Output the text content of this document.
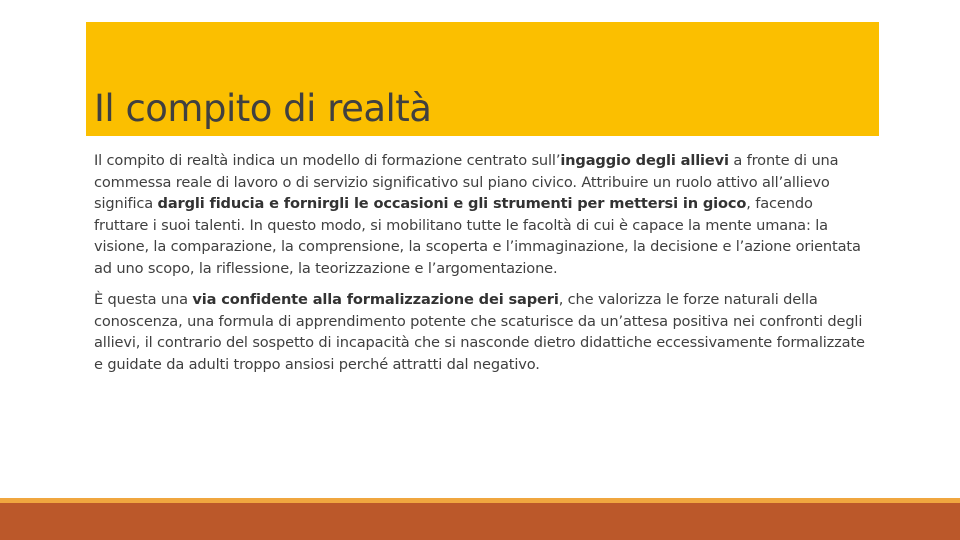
Il compito di realtà

Il compito di realtà indica un modello di formazione centrato sull’ingaggio degli allievi a fronte di una commessa reale di lavoro o di servizio significativo sul piano civico. Attribuire un ruolo attivo all’allievo significa dargli fiducia e fornirgli le occasioni e gli strumenti per mettersi in gioco, facendo fruttare i suoi talenti. In questo modo, si mobilitano tutte le facoltà di cui è capace la mente umana: la visione, la comparazione, la comprensione, la scoperta e l’immaginazione, la decisione e l’azione orientata ad uno scopo, la riflessione, la teorizzazione e l’argomentazione.

È questa una via confidente alla formalizzazione dei saperi, che valorizza le forze naturali della conoscenza, una formula di apprendimento potente che scaturisce da un’attesa positiva nei confronti degli allievi, il contrario del sospetto di incapacità che si nasconde dietro didattiche eccessivamente formalizzate e guidate da adulti troppo ansiosi perché attratti dal negativo.
